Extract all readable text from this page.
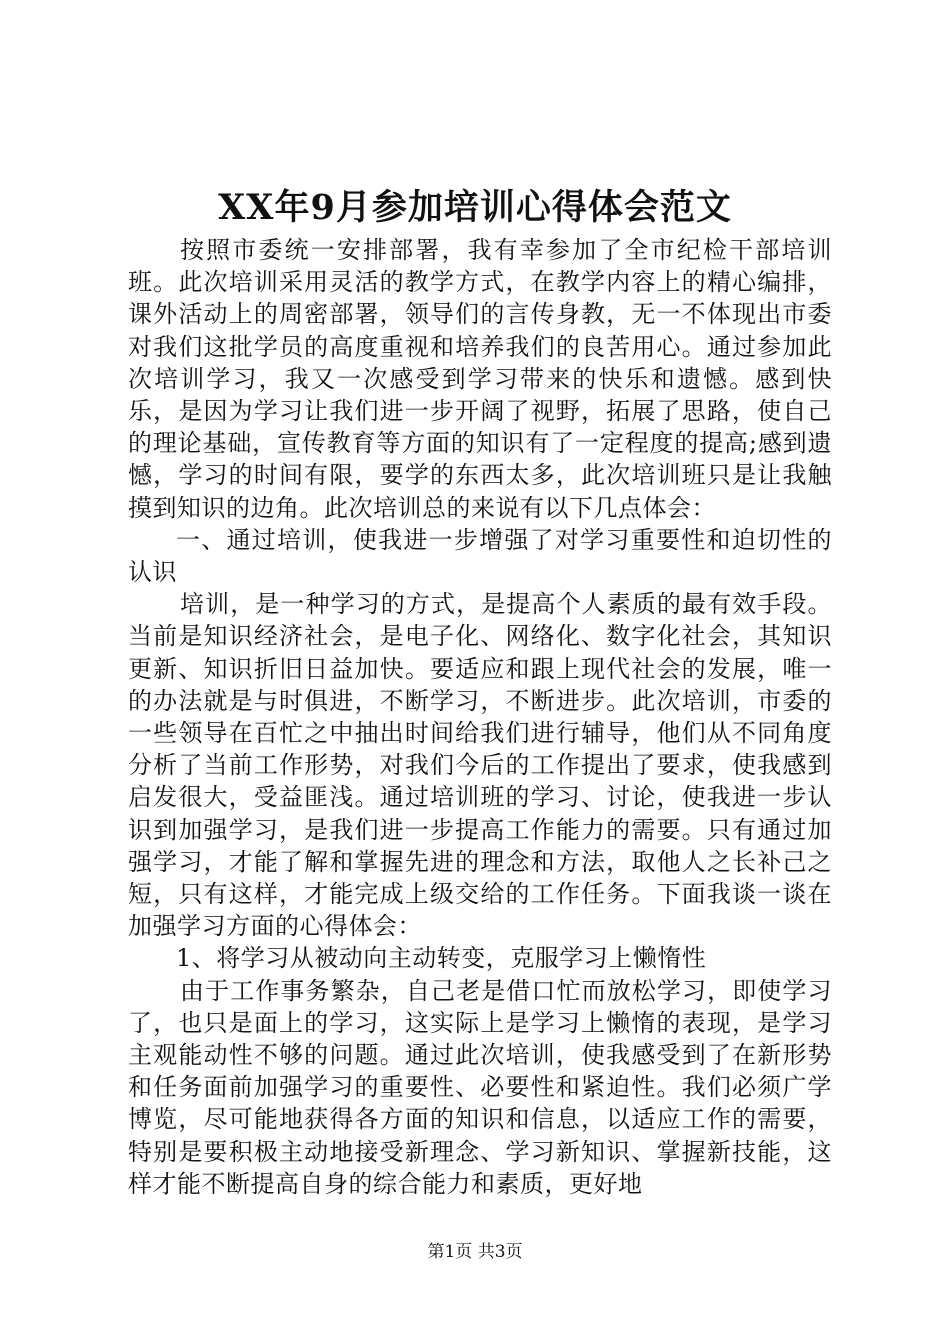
XX年9月参加培训心得体会范文

按照市委统一安排部署，我有幸参加了全市纪检干部培训班。此次培训采用灵活的教学方式，在教学内容上的精心编排，课外活动上的周密部署，领导们的言传身教，无一不体现出市委对我们这批学员的高度重视和培养我们的良苦用心。通过参加此次培训学习，我又一次感受到学习带来的快乐和遗憾。感到快乐，是因为学习让我们进一步开阔了视野，拓展了思路，使自己的理论基础，宣传教育等方面的知识有了一定程度的提高;感到遗憾，学习的时间有限，要学的东西太多，此次培训班只是让我触摸到知识的边角。此次培训总的来说有以下几点体会：

一、通过培训，使我进一步增强了对学习重要性和迫切性的认识

培训，是一种学习的方式，是提高个人素质的最有效手段。当前是知识经济社会，是电子化、网络化、数字化社会，其知识更新、知识折旧日益加快。要适应和跟上现代社会的发展，唯一的办法就是与时俱进，不断学习，不断进步。此次培训，市委的一些领导在百忙之中抽出时间给我们进行辅导，他们从不同角度分析了当前工作形势，对我们今后的工作提出了要求，使我感到启发很大，受益匪浅。通过培训班的学习、讨论，使我进一步认识到加强学习，是我们进一步提高工作能力的需要。只有通过加强学习，才能了解和掌握先进的理念和方法，取他人之长补己之短，只有这样，才能完成上级交给的工作任务。下面我谈一谈在加强学习方面的心得体会：

1、将学习从被动向主动转变，克服学习上懒惰性

由于工作事务繁杂，自己老是借口忙而放松学习，即使学习了，也只是面上的学习，这实际上是学习上懒惰的表现，是学习主观能动性不够的问题。通过此次培训，使我感受到了在新形势和任务面前加强学习的重要性、必要性和紧迫性。我们必须广学博览，尽可能地获得各方面的知识和信息，以适应工作的需要，特别是要积极主动地接受新理念、学习新知识、掌握新技能，这样才能不断提高自身的综合能力和素质，更好地

第1页 共3页
